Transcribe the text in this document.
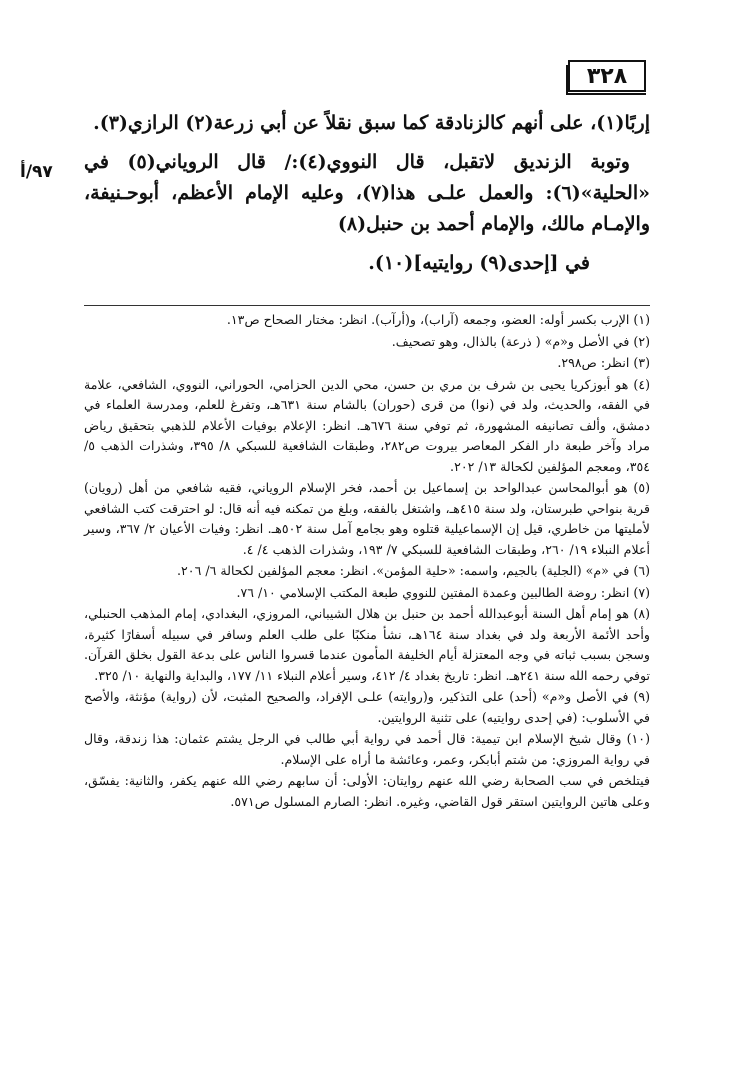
٣٢٨
٩٧/أ

إربًا(١)، على أنهم كالزنادقة كما سبق نقلاً عن أبي زرعة(٢) الرازي(٣).

وتوبة الزنديق لاتقبل، قال النووي(٤):/ قال الروياني(٥) في «الحلية»(٦): والعمل علـى هذا(٧)، وعليه الإمام الأعظم، أبوحـنيفة، والإمـام مالك، والإمام أحمد بن حنبل(٨)

في [إحدى(٩) روايتيه](١٠).

(١) الإرب بكسر أوله: العضو، وجمعه (آراب)، و(أرآب). انظر: مختار الصحاح ص١٣.

(٢) في الأصل و«م» ( ذرعة) بالذال، وهو تصحيف.

(٣) انظر: ص٢٩٨.

(٤) هو أبوزكريا يحيى بن شرف بن مري بن حسن، محي الدين الحزامي، الحوراني، النووي، الشافعي، علامة في الفقه، والحديث، ولد في (نوا) من قرى (حوران) بالشام سنة ٦٣١هـ، وتفرغ للعلم، ومدرسة العلماء في دمشق، وألف تصانيفه المشهورة، ثم توفي سنة ٦٧٦هـ. انظر: الإعلام بوفيات الأعلام للذهبي بتحقيق رياض مراد وآخر طبعة دار الفكر المعاصر بيروت ص٢٨٢، وطبقات الشافعية للسبكي ٨/ ٣٩٥، وشذرات الذهب ٥/ ٣٥٤، ومعجم المؤلفين لكحالة ١٣/ ٢٠٢.

(٥) هو أبوالمحاسن عبدالواحد بن إسماعيل بن أحمد، فخر الإسلام الروياني، فقيه شافعي من أهل (رويان) قرية بنواحي طبرستان، ولد سنة ٤١٥هـ، واشتغل بالفقه، وبلغ من تمكنه فيه أنه قال: لو احترقت كتب الشافعي لأمليتها من خاطري، قيل إن الإسماعيلية قتلوه وهو بجامع آمل سنة ٥٠٢هـ. انظر: وفيات الأعيان ٢/ ٣٦٧، وسير أعلام النبلاء ١٩/ ٢٦٠، وطبقات الشافعية للسبكي ٧/ ١٩٣، وشذرات الذهب ٤/ ٤.

(٦) في «م» (الجلية) بالجيم، واسمه: «حلية المؤمن». انظر: معجم المؤلفين لكحالة ٦/ ٢٠٦.

(٧) انظر: روضة الطالبين وعمدة المفتين للنووي طبعة المكتب الإسلامي ١٠/ ٧٦.

(٨) هو إمام أهل السنة أبوعبدالله أحمد بن حنبل بن هلال الشيباني، المروزي، البغدادي، إمام المذهب الحنبلي، وأحد الأئمة الأربعة ولد في بغداد سنة ١٦٤هـ، نشأ منكبًا على طلب العلم وسافر في سبيله أسفارًا كثيرة، وسجن بسبب ثباته في وجه المعتزلة أيام الخليفة المأمون عندما قسروا الناس على بدعة القول بخلق القرآن. توفي رحمه الله سنة ٢٤١هـ. انظر: تاريخ بغداد ٤/ ٤١٢، وسير أعلام النبلاء ١١/ ١٧٧، والبداية والنهاية ١٠/ ٣٢٥.

(٩) في الأصل و«م» (أحد) على التذكير، و(روايته) علـى الإفراد، والصحيح المثبت، لأن (رواية) مؤنثة، والأصح في الأسلوب: (في إحدى روايتيه) على تثنية الروايتين.

(١٠) وقال شيخ الإسلام ابن تيمية: قال أحمد في رواية أبي طالب في الرجل يشتم عثمان: هذا زندقة، وقال في رواية المروزي: من شتم أبابكر، وعمر، وعائشة ما أراه على الإسلام.

فيتلخص في سب الصحابة رضي الله عنهم روايتان: الأولى: أن سابهم رضي الله عنهم يكفر، والثانية: يفسّق، وعلى هاتين الروايتين استقر قول القاضي، وغيره. انظر: الصارم المسلول ص٥٧١.
